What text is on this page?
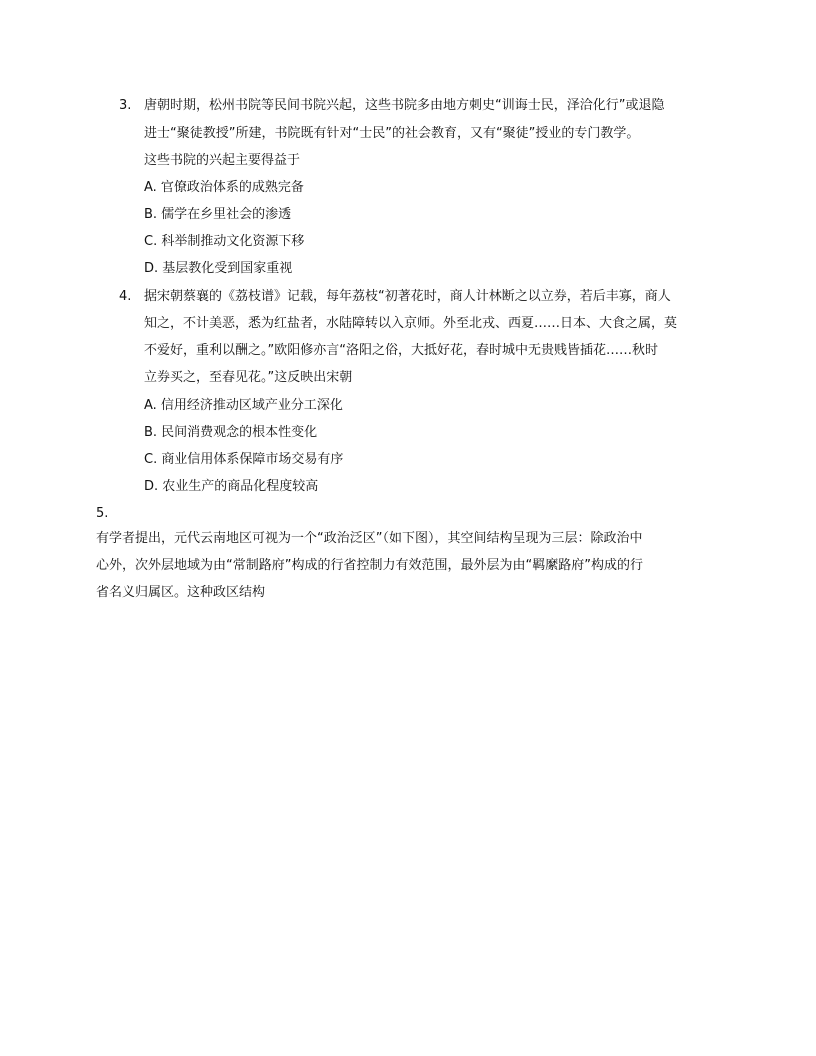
3. 唐朝时期，松州书院等民间书院兴起，这些书院多由地方刺史“训诲士民，泽洽化行”或退隐
进士“聚徒教授”所建，书院既有针对“士民”的社会教育，又有“聚徒”授业的专门教学。
这些书院的兴起主要得益于
A. 官僚政治体系的成熟完备
B. 儒学在乡里社会的渗透
C. 科举制推动文化资源下移
D. 基层教化受到国家重视
4. 据宋朝蔡襄的《荔枝谱》记载，每年荔枝“初著花时，商人计林断之以立券，若后丰寡，商人
知之，不计美恶，悉为红盐者，水陆障转以入京师。外至北戎、西夏……日本、大食之属，莫
不爱好，重利以酬之。”欧阳修亦言“洛阳之俗，大抵好花，春时城中无贵贱皆插花……秋时
立券买之，至春见花。”这反映出宋朝
A. 信用经济推动区域产业分工深化
B. 民间消费观念的根本性变化
C. 商业信用体系保障市场交易有序
D. 农业生产的商品化程度较高
5.
有学者提出，元代云南地区可视为一个“政治泛区”（如下图），其空间结构呈现为三层：除政治中
心外，次外层地域为由“常制路府”构成的行省控制力有效范围，最外层为由“羁縻路府”构成的行
省名义归属区。这种政区结构
